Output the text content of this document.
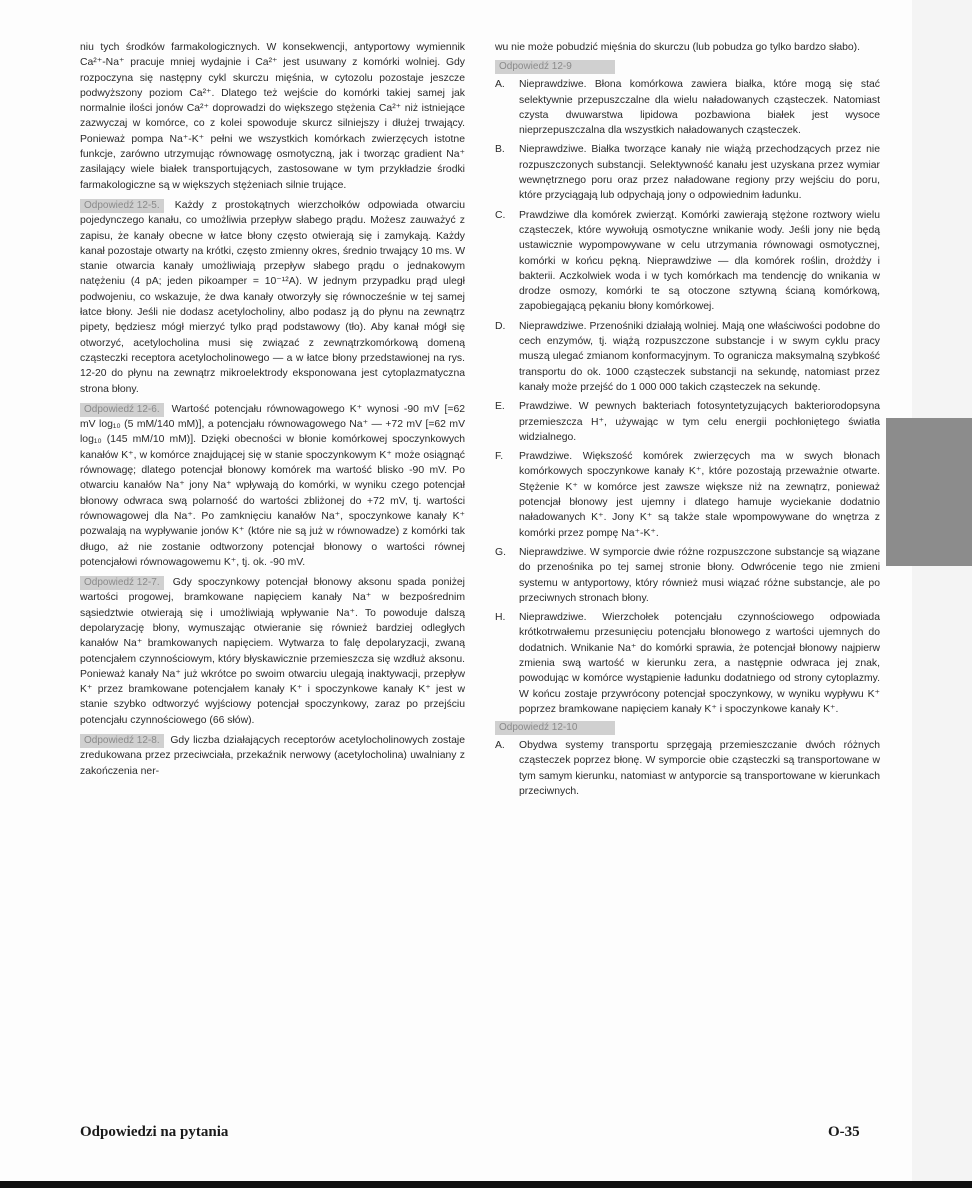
niu tych środków farmakologicznych. W konsekwencji, antyportowy wymiennik Ca²⁺-Na⁺ pracuje mniej wydajnie i Ca²⁺ jest usuwany z komórki wolniej. Gdy rozpoczyna się następny cykl skurczu mięśnia, w cytozolu pozostaje jeszcze podwyższony poziom Ca²⁺. Dlatego też wejście do komórki takiej samej jak normalnie ilości jonów Ca²⁺ doprowadzi do większego stężenia Ca²⁺ niż istniejące zazwyczaj w komórce, co z kolei spowoduje skurcz silniejszy i dłużej trwający. Ponieważ pompa Na⁺-K⁺ pełni we wszystkich komórkach zwierzęcych istotne funkcje, zarówno utrzymując równowagę osmotyczną, jak i tworząc gradient Na⁺ zasilający wiele białek transportujących, zastosowane w tym przykładzie środki farmakologiczne są w większych stężeniach silnie trujące.

Odpowiedź 12-5. Każdy z prostokątnych wierzchołków odpowiada otwarciu pojedynczego kanału, co umożliwia przepływ słabego prądu. Możesz zauważyć z zapisu, że kanały obecne w łatce błony często otwierają się i zamykają. Każdy kanał pozostaje otwarty na krótki, często zmienny okres, średnio trwający 10 ms. W stanie otwarcia kanały umożliwiają przepływ słabego prądu o jednakowym natężeniu (4 pA; jeden pikoamper = 10⁻¹²A). W jednym przypadku prąd uległ podwojeniu, co wskazuje, że dwa kanały otworzyły się równocześnie w tej samej łatce błony. Jeśli nie dodasz acetylocholiny, albo podasz ją do płynu na zewnątrz pipety, będziesz mógł mierzyć tylko prąd podstawowy (tło). Aby kanał mógł się otworzyć, acetylocholina musi się związać z zewnątrzkomórkową domeną cząsteczki receptora acetylocholinowego — a w łatce błony przedstawionej na rys. 12-20 do płynu na zewnątrz mikroelektrody eksponowana jest cytoplazmatyczna strona błony.

Odpowiedź 12-6. Wartość potencjału równowagowego K⁺ wynosi -90 mV [=62 mV log₁₀ (5 mM/140 mM)], a potencjału równowagowego Na⁺ — +72 mV [=62 mV log₁₀ (145 mM/10 mM)]. Dzięki obecności w błonie komórkowej spoczynkowych kanałów K⁺, w komórce znajdującej się w stanie spoczynkowym K⁺ może osiągnąć równowagę; dlatego potencjał błonowy komórek ma wartość blisko -90 mV. Po otwarciu kanałów Na⁺ jony Na⁺ wpływają do komórki, w wyniku czego potencjał błonowy odwraca swą polarność do wartości zbliżonej do +72 mV, tj. wartości równowagowej dla Na⁺. Po zamknięciu kanałów Na⁺, spoczynkowe kanały K⁺ pozwalają na wypływanie jonów K⁺ (które nie są już w równowadze) z komórki tak długo, aż nie zostanie odtworzony potencjał błonowy o wartości równej potencjałowi równowagowemu K⁺, tj. ok. -90 mV.

Odpowiedź 12-7. Gdy spoczynkowy potencjał błonowy aksonu spada poniżej wartości progowej, bramkowane napięciem kanały Na⁺ w bezpośrednim sąsiedztwie otwierają się i umożliwiają wpływanie Na⁺. To powoduje dalszą depolaryzację błony, wymuszając otwieranie się również bardziej odległych kanałów Na⁺ bramkowanych napięciem. Wytwarza to falę depolaryzacji, zwaną potencjałem czynnościowym, który błyskawicznie przemieszcza się wzdłuż aksonu. Ponieważ kanały Na⁺ już wkrótce po swoim otwarciu ulegają inaktywacji, przepływ K⁺ przez bramkowane potencjałem kanały K⁺ i spoczynkowe kanały K⁺ jest w stanie szybko odtworzyć wyjściowy potencjał spoczynkowy, zaraz po przejściu potencjału czynnościowego (66 słów).

Odpowiedź 12-8. Gdy liczba działających receptorów acetylocholinowych zostaje zredukowana przez przeciwciała, przekaźnik nerwowy (acetylocholina) uwalniany z zakończenia ner-

wu nie może pobudzić mięśnia do skurczu (lub pobudza go tylko bardzo słabo).

Odpowiedź 12-9
A.	Nieprawdziwe. Błona komórkowa zawiera białka, które mogą się stać selektywnie przepuszczalne dla wielu naładowanych cząsteczek. Natomiast czysta dwuwarstwa lipidowa pozbawiona białek jest wysoce nieprzepuszczalna dla wszystkich naładowanych cząsteczek.
B.	Nieprawdziwe. Białka tworzące kanały nie wiążą przechodzących przez nie rozpuszczonych substancji. Selektywność kanału jest uzyskana przez wymiar wewnętrznego poru oraz przez naładowane regiony przy wejściu do poru, które przyciągają lub odpychają jony o odpowiednim ładunku.
C.	Prawdziwe dla komórek zwierząt. Komórki zawierają stężone roztwory wielu cząsteczek, które wywołują osmotyczne wnikanie wody. Jeśli jony nie będą ustawicznie wypompowywane w celu utrzymania równowagi osmotycznej, komórki w końcu pękną. Nieprawdziwe — dla komórek roślin, drożdży i bakterii. Aczkolwiek woda i w tych komórkach ma tendencję do wnikania w drodze osmozy, komórki te są otoczone sztywną ścianą komórkową, zapobiegającą pękaniu błony komórkowej.
D.	Nieprawdziwe. Przenośniki działają wolniej. Mają one właściwości podobne do cech enzymów, tj. wiążą rozpuszczone substancje i w swym cyklu pracy muszą ulegać zmianom konformacyjnym. To ogranicza maksymalną szybkość transportu do ok. 1000 cząsteczek substancji na sekundę, natomiast przez kanały może przejść do 1 000 000 takich cząsteczek na sekundę.
E.	Prawdziwe. W pewnych bakteriach fotosyntetyzujących bakteriorodopsyna przemieszcza H⁺, używając w tym celu energii pochłoniętego światła widzialnego.
F.	Prawdziwe. Większość komórek zwierzęcych ma w swych błonach komórkowych spoczynkowe kanały K⁺, które pozostają przeważnie otwarte. Stężenie K⁺ w komórce jest zawsze większe niż na zewnątrz, ponieważ potencjał błonowy jest ujemny i dlatego hamuje wyciekanie dodatnio naładowanych K⁺. Jony K⁺ są także stale wpompowywane do wnętrza z komórki przez pompę Na⁺-K⁺.
G.	Nieprawdziwe. W symporcie dwie różne rozpuszczone substancje są wiązane do przenośnika po tej samej stronie błony. Odwrócenie tego nie zmieni systemu w antyportowy, który również musi wiązać różne substancje, ale po przeciwnych stronach błony.
H.	Nieprawdziwe. Wierzchołek potencjału czynnościowego odpowiada krótkotrwałemu przesunięciu potencjału błonowego z wartości ujemnych do dodatnich. Wnikanie Na⁺ do komórki sprawia, że potencjał błonowy najpierw zmienia swą wartość w kierunku zera, a następnie odwraca jej znak, powodując w komórce wystąpienie ładunku dodatniego od strony cytoplazmy. W końcu zostaje przywrócony potencjał spoczynkowy, w wyniku wypływu K⁺ poprzez bramkowane napięciem kanały K⁺ i spoczynkowe kanały K⁺.
Odpowiedź 12-10
A.	Obydwa systemy transportu sprzęgają przemieszczanie dwóch różnych cząsteczek poprzez błonę. W symporcie obie cząsteczki są transportowane w tym samym kierunku, natomiast w antyporcie są transportowane w kierunkach przeciwnych.
Odpowiedzi na pytania	O-35
